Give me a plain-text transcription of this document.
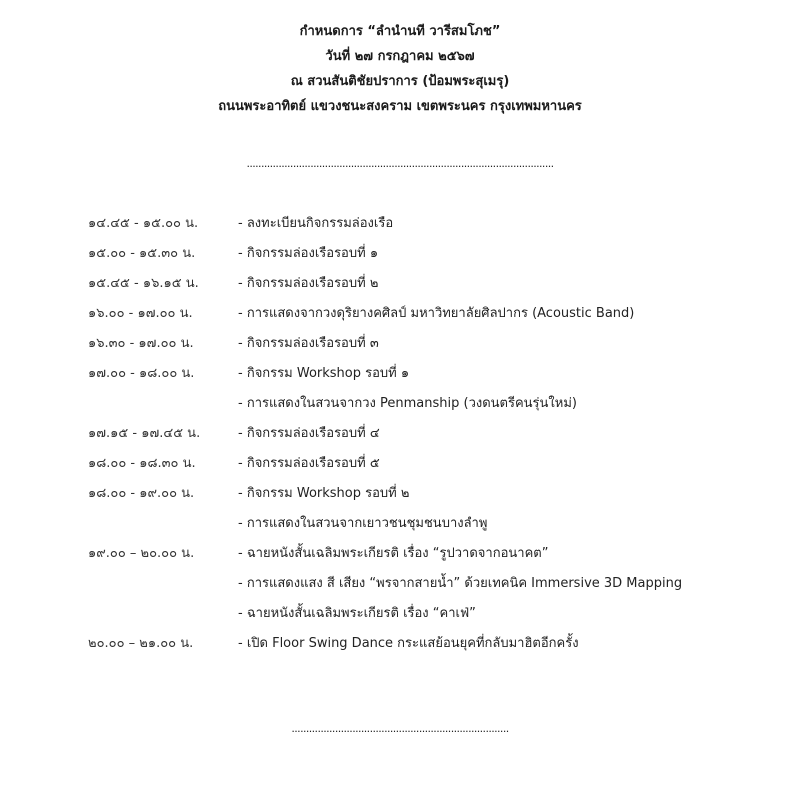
กำหนดการ “ลำนำนที วารีสมโภช”
วันที่ ๒๗ กรกฎาคม ๒๕๖๗
ณ สวนสันติชัยปราการ (ป้อมพระสุเมรุ)
ถนนพระอาทิตย์ แขวงชนะสงคราม เขตพระนคร กรุงเทพมหานคร
..........................................................................................................
๑๔.๔๕ - ๑๕.๐๐ น.	- ลงทะเบียนกิจกรรมล่องเรือ
๑๕.๐๐ - ๑๕.๓๐ น.	- กิจกรรมล่องเรือรอบที่ ๑
๑๕.๔๕ - ๑๖.๑๕ น.	- กิจกรรมล่องเรือรอบที่ ๒
๑๖.๐๐ - ๑๗.๐๐ น.	- การแสดงจากวงดุริยางคศิลป์ มหาวิทยาลัยศิลปากร (Acoustic Band)
๑๖.๓๐ - ๑๗.๐๐ น.	- กิจกรรมล่องเรือรอบที่ ๓
๑๗.๐๐ - ๑๘.๐๐ น.	- กิจกรรม Workshop รอบที่ ๑
- การแสดงในสวนจากวง Penmanship (วงดนตรีคนรุ่นใหม่)
๑๗.๑๕ - ๑๗.๔๕ น.	- กิจกรรมล่องเรือรอบที่ ๔
๑๘.๐๐ - ๑๘.๓๐ น.	- กิจกรรมล่องเรือรอบที่ ๕
๑๘.๐๐ - ๑๙.๐๐ น.	- กิจกรรม Workshop รอบที่ ๒
- การแสดงในสวนจากเยาวชนชุมชนบางลำพู
๑๙.๐๐ – ๒๐.๐๐ น.	- ฉายหนังสั้นเฉลิมพระเกียรติ เรื่อง “รูปวาดจากอนาคต”
- การแสดงแสง สี เสียง “พรจากสายน้ำ” ด้วยเทคนิค Immersive 3D Mapping
- ฉายหนังสั้นเฉลิมพระเกียรติ เรื่อง “คาเฟ่”
๒๐.๐๐ – ๒๑.๐๐ น.	- เปิด Floor Swing Dance กระแสย้อนยุคที่กลับมาฮิตอีกครั้ง
...........................................................................
